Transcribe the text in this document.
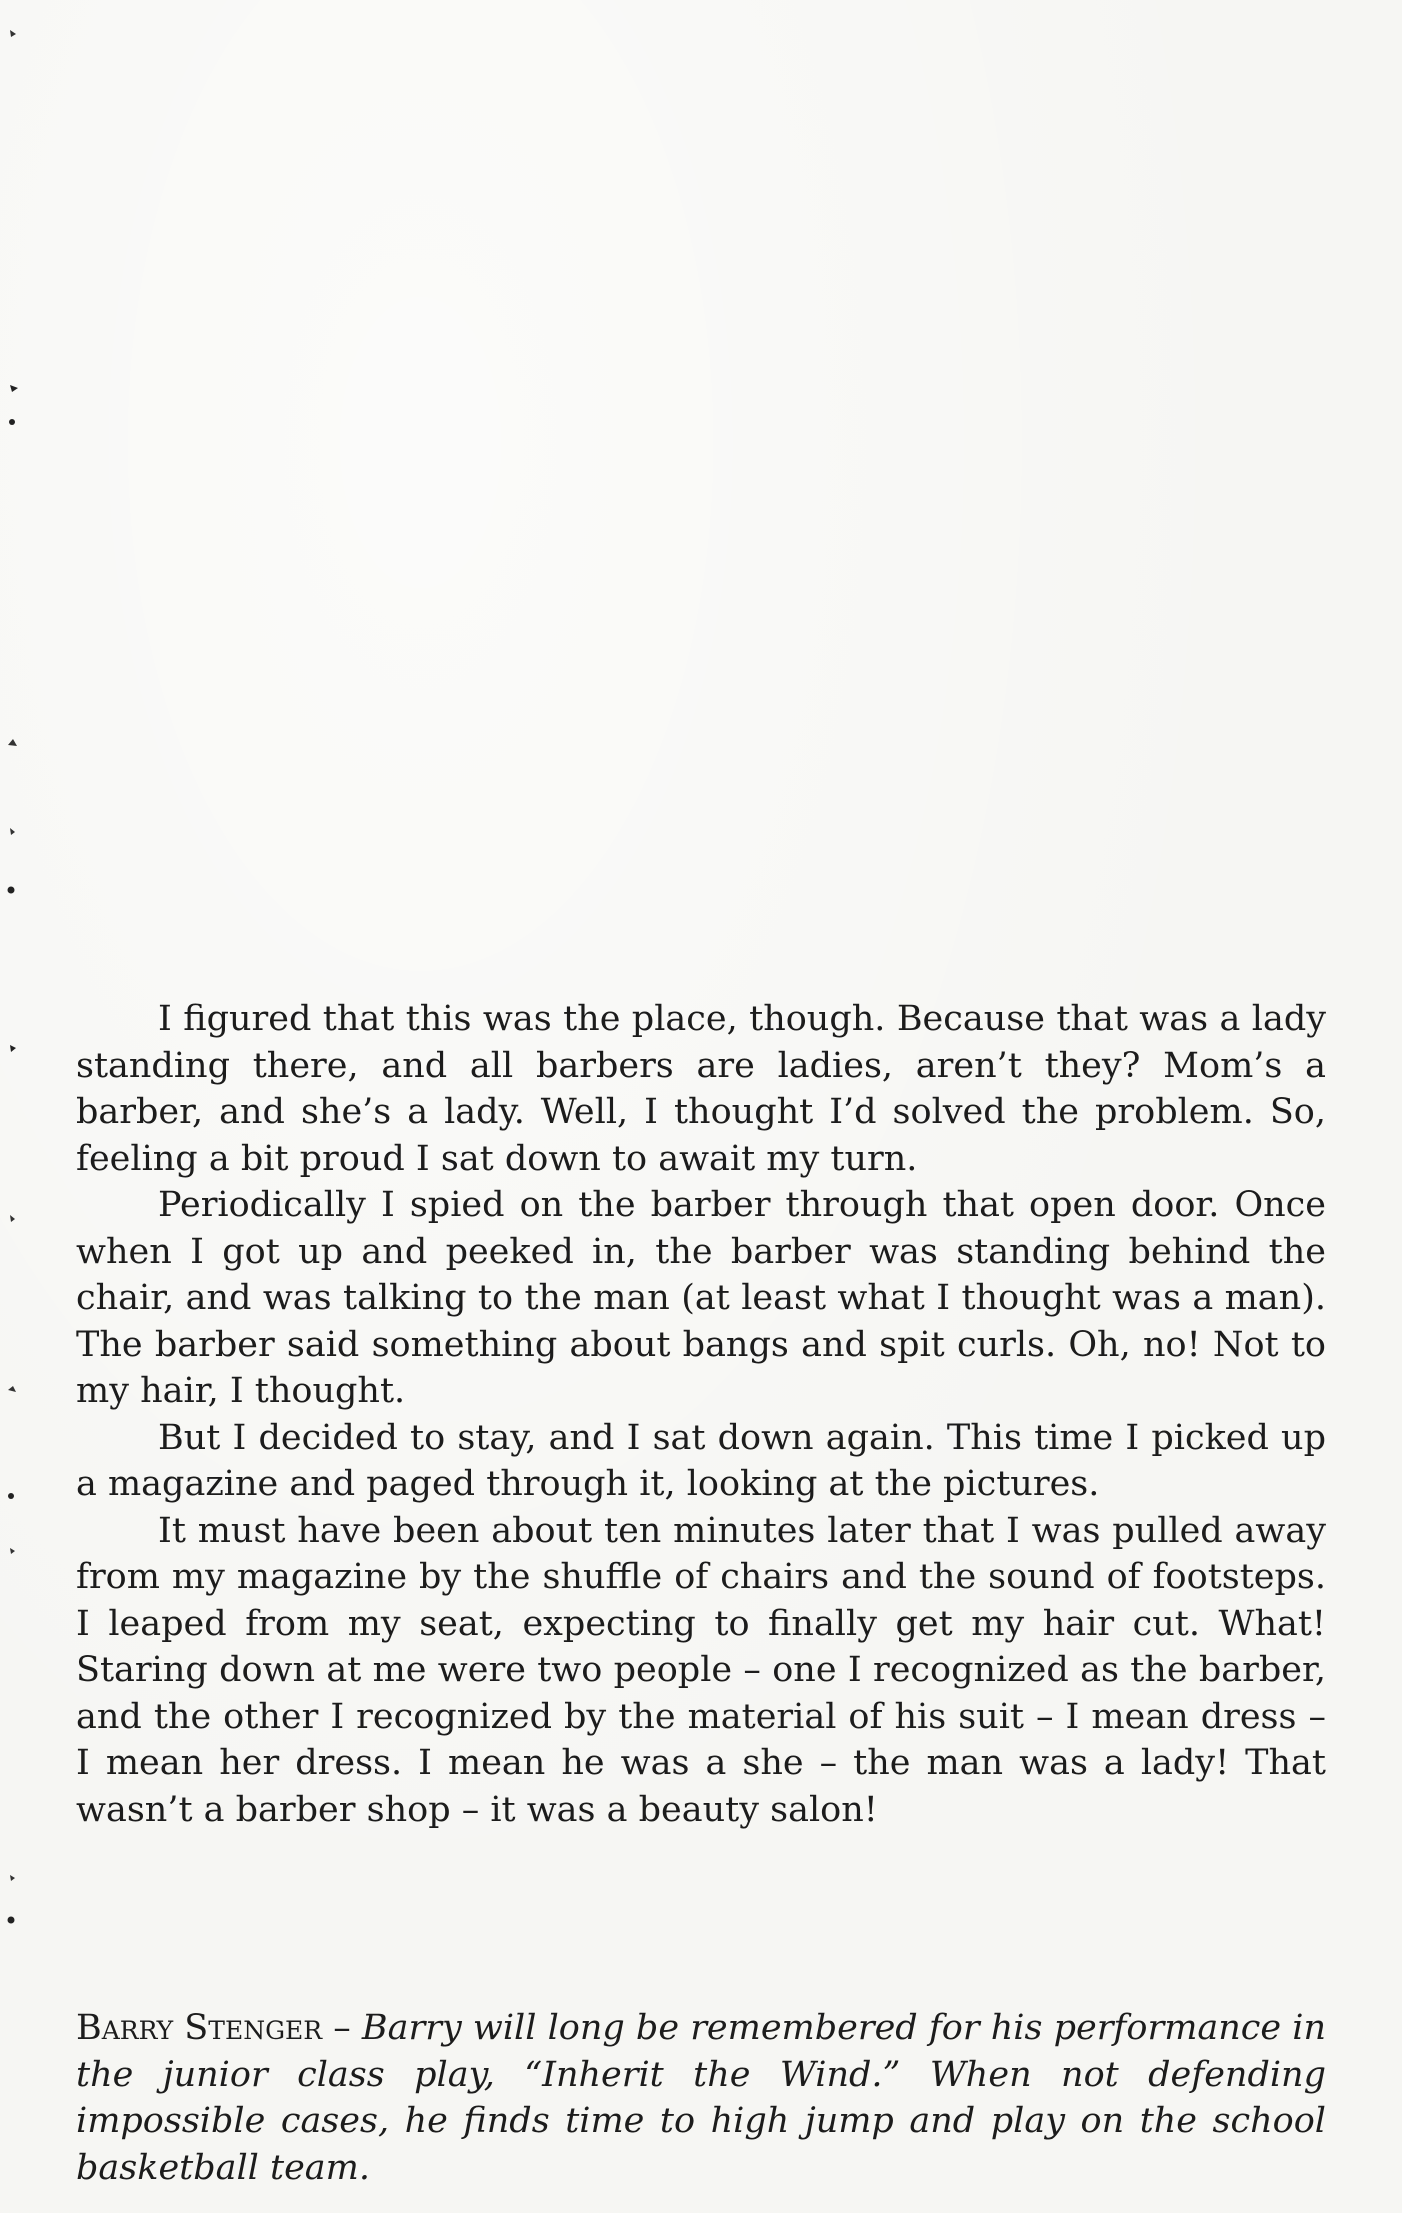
I figured that this was the place, though. Because that was a lady standing there, and all barbers are ladies, aren’t they? Mom’s a barber, and she’s a lady. Well, I thought I’d solved the problem. So, feeling a bit proud I sat down to await my turn.

Periodically I spied on the barber through that open door. Once when I got up and peeked in, the barber was standing behind the chair, and was talking to the man (at least what I thought was a man). The barber said something about bangs and spit curls. Oh, no! Not to my hair, I thought.

But I decided to stay, and I sat down again. This time I picked up a magazine and paged through it, looking at the pictures.

It must have been about ten minutes later that I was pulled away from my magazine by the shuffle of chairs and the sound of footsteps. I leaped from my seat, expecting to finally get my hair cut. What! Staring down at me were two people – one I recognized as the barber, and the other I recognized by the material of his suit – I mean dress – I mean her dress. I mean he was a she – the man was a lady! That wasn’t a barber shop – it was a beauty salon!

Barry Stenger – Barry will long be remembered for his performance in the junior class play, “Inherit the Wind.” When not defending impossible cases, he finds time to high jump and play on the school basketball team.
